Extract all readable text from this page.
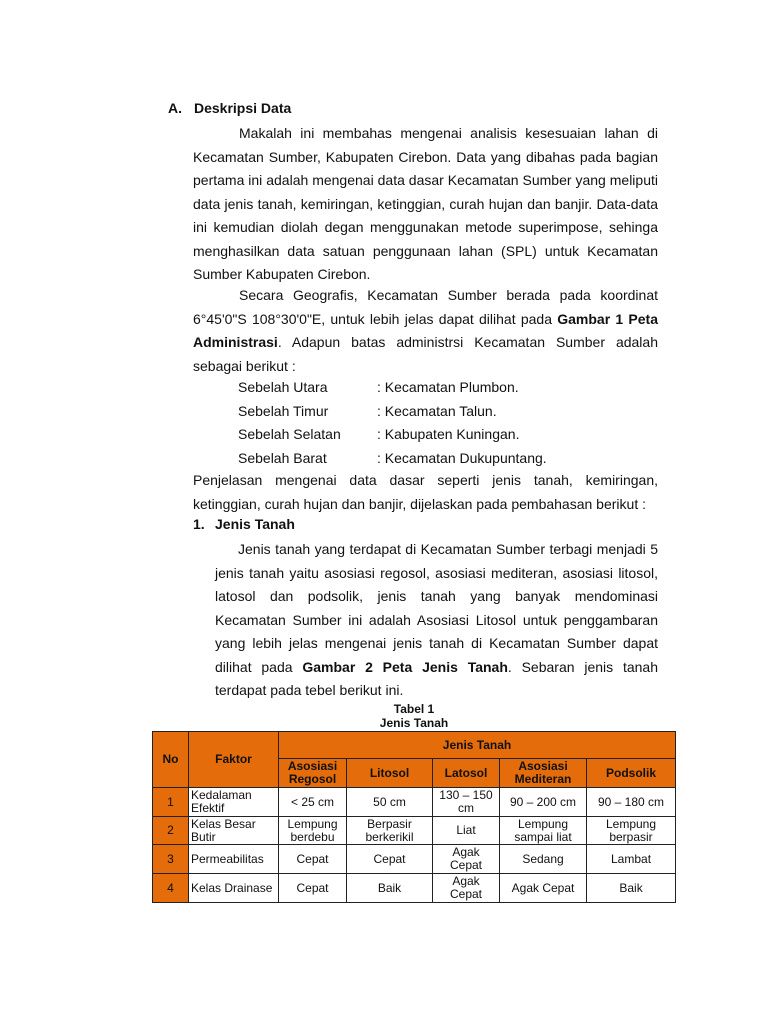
A. Deskripsi Data
Makalah ini membahas mengenai analisis kesesuaian lahan di Kecamatan Sumber, Kabupaten Cirebon. Data yang dibahas pada bagian pertama ini adalah mengenai data dasar Kecamatan Sumber yang meliputi data jenis tanah, kemiringan, ketinggian, curah hujan dan banjir. Data-data ini kemudian diolah degan menggunakan metode superimpose, sehinga menghasilkan data satuan penggunaan lahan (SPL) untuk Kecamatan Sumber Kabupaten Cirebon.
Secara Geografis, Kecamatan Sumber berada pada koordinat 6°45'0"S 108°30'0"E, untuk lebih jelas dapat dilihat pada Gambar 1 Peta Administrasi. Adapun batas administrsi Kecamatan Sumber adalah sebagai berikut :
Sebelah Utara	: Kecamatan Plumbon.
Sebelah Timur	: Kecamatan Talun.
Sebelah Selatan	: Kabupaten Kuningan.
Sebelah Barat	: Kecamatan Dukupuntang.
Penjelasan mengenai data dasar seperti jenis tanah, kemiringan, ketinggian, curah hujan dan banjir, dijelaskan pada pembahasan berikut :
1. Jenis Tanah
Jenis tanah yang terdapat di Kecamatan Sumber terbagi menjadi 5 jenis tanah yaitu asosiasi regosol, asosiasi mediteran, asosiasi litosol, latosol dan podsolik, jenis tanah yang banyak mendominasi Kecamatan Sumber ini adalah Asosiasi Litosol untuk penggambaran yang lebih jelas mengenai jenis tanah di Kecamatan Sumber dapat dilihat pada Gambar 2 Peta Jenis Tanah. Sebaran jenis tanah terdapat pada tebel berikut ini.
Tabel 1
Jenis Tanah
No	Faktor	Jenis Tanah				
		Asosiasi Regosol	Litosol	Latosol	Asosiasi Mediteran	Podsolik
1	Kedalaman Efektif	< 25 cm	50 cm	130 – 150 cm	90 – 200 cm	90 – 180 cm
2	Kelas Besar Butir	Lempung berdebu	Berpasir berkerikil	Liat	Lempung sampai liat	Lempung berpasir
3	Permeabilitas	Cepat	Cepat	Agak Cepat	Sedang	Lambat
4	Kelas Drainase	Cepat	Baik	Agak Cepat	Agak Cepat	Baik
